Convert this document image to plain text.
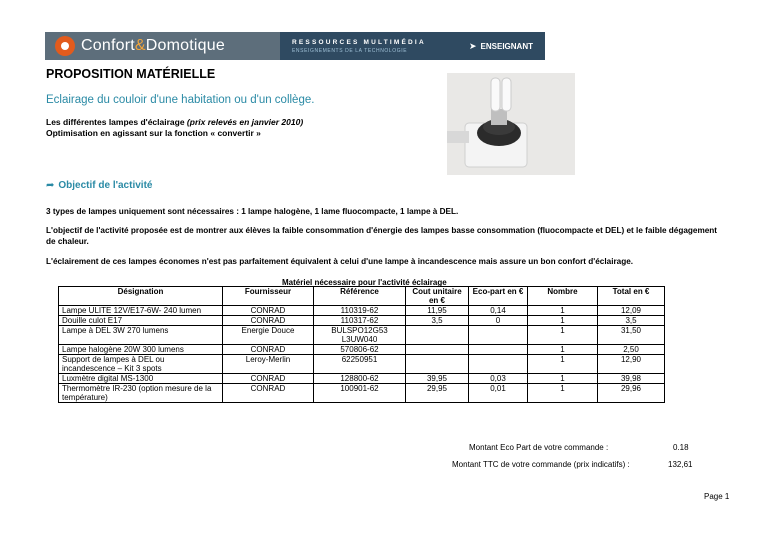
Confort&Domotique	RESSOURCES MULTIMÉDIA
ENSEIGNEMENTS DE LA TECHNOLOGIE	➤ ENSEIGNANT
PROPOSITION MATÉRIELLE
Eclairage du couloir d'une habitation ou d'un collège.
Les différentes lampes d'éclairage (prix relevés en janvier 2010)
Optimisation en agissant sur la fonction « convertir »
➦ Objectif de l'activité
3 types de lampes uniquement sont nécessaires : 1 lampe halogène, 1 lame fluocompacte, 1 lampe à DEL.
L'objectif de l'activité proposée est de montrer aux élèves la faible consommation d'énergie des lampes basse consommation (fluocompacte et DEL) et le faible dégagement de chaleur.
L'éclairement de ces lampes économes n'est pas parfaitement équivalent à celui d'une lampe à incandescence mais assure un bon confort d'éclairage.
Matériel nécessaire pour l'activité éclairage
Désignation	Fournisseur	Référence	Cout unitaire en €	Eco-part en €	Nombre	Total en €
Lampe ULITE 12V/E17-6W- 240 lumen	CONRAD	110319-62	11,95	0,14	1	12,09
Douille culot E17	CONRAD	110317-62	3,5	0	1	3,5
Lampe à DEL 3W 270 lumens	Energie Douce	BULSPO12G53 L3UW040			1	31,50
Lampe halogène 20W 300 lumens	CONRAD	570806-62			1	2,50
Support de lampes à DEL ou incandescence – Kit 3 spots	Leroy-Merlin	62250951			1	12,90
Luxmètre digital MS-1300	CONRAD	128800-62	39,95	0,03	1	39,98
Thermomètre IR-230 (option mesure de la température)	CONRAD	100901-62	29,95	0,01	1	29,96
Montant Eco Part de votre commande :	0.18
Montant TTC de votre commande (prix indicatifs) :	132,61
Page 1
